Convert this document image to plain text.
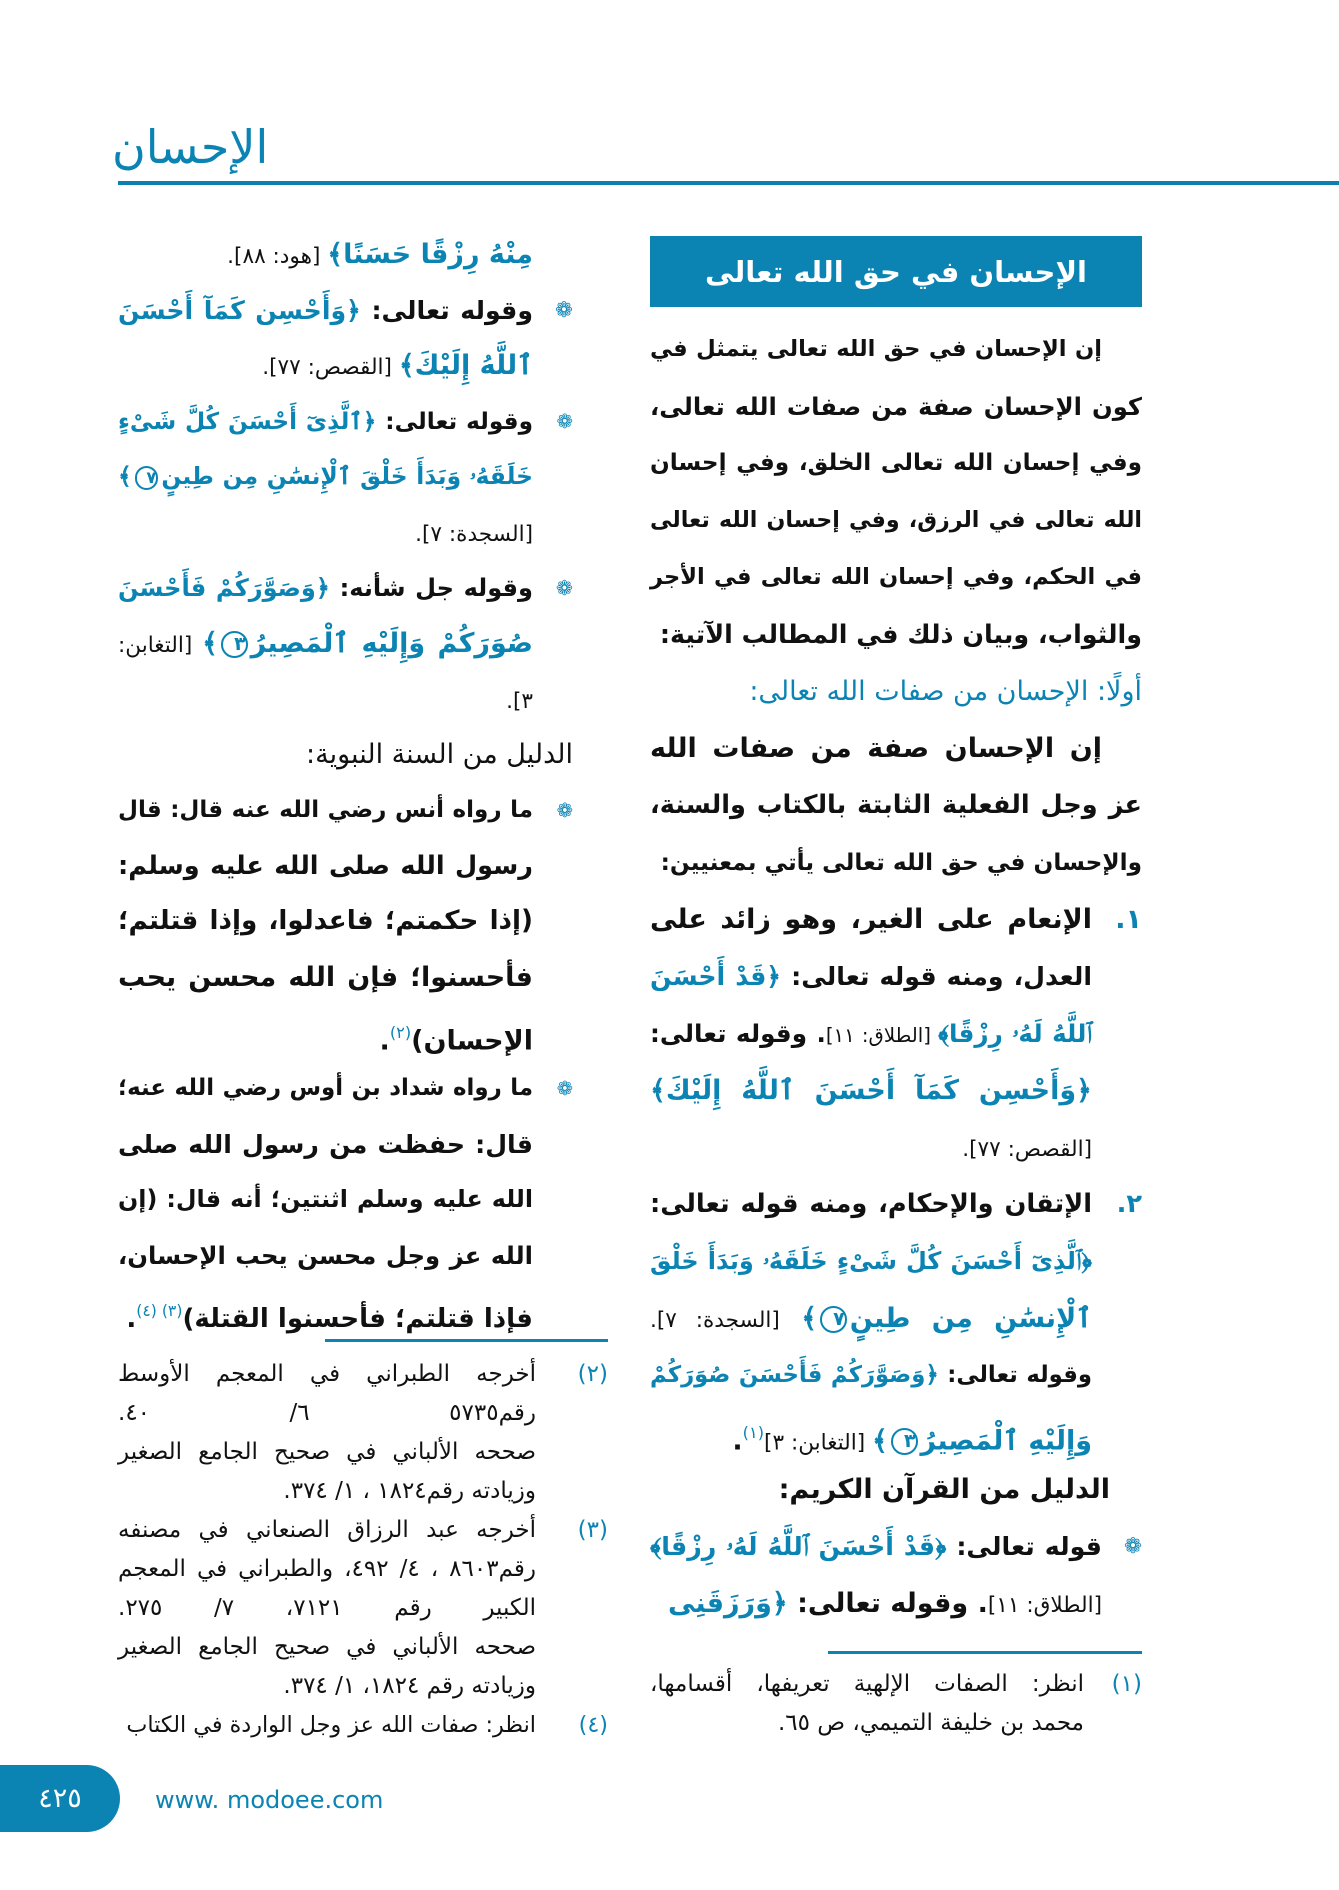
الإحسان
الإحسان في حق الله تعالى
إن الإحسان في حق الله تعالى يتمثل في
كون الإحسان صفة من صفات الله تعالى،
وفي إحسان الله تعالى الخلق، وفي إحسان
الله تعالى في الرزق، وفي إحسان الله تعالى
في الحكم، وفي إحسان الله تعالى في الأجر
والثواب، وبيان ذلك في المطالب الآتية:
أولًا: الإحسان من صفات الله تعالى:
إن الإحسان صفة من صفات الله
عز وجل الفعلية الثابتة بالكتاب والسنة،
والإحسان في حق الله تعالى يأتي بمعنيين:
١.
الإنعام على الغير، وهو زائد على
العدل، ومنه قوله تعالى: ﴿قَدْ أَحْسَنَ
ٱللَّهُ لَهُۥ رِزْقًا﴾ [الطلاق: ١١]. وقوله تعالى:
﴿وَأَحْسِن كَمَآ أَحْسَنَ ٱللَّهُ إِلَيْكَ﴾
[القصص: ٧٧].
٢.
الإتقان والإحكام، ومنه قوله تعالى:
﴿ٱلَّذِىٓ أَحْسَنَ كُلَّ شَىْءٍ خَلَقَهُۥ وَبَدَأَ خَلْقَ
ٱلْإِنسَٰنِ مِن طِينٍ٧﴾ [السجدة: ٧].
وقوله تعالى: ﴿وَصَوَّرَكُمْ فَأَحْسَنَ صُوَرَكُمْ
وَإِلَيْهِ ٱلْمَصِيرُ٣﴾ [التغابن: ٣]$^{(١)}$.
الدليل من القرآن الكريم:
❁
قوله تعالى: ﴿قَدْ أَحْسَنَ ٱللَّهُ لَهُۥ رِزْقًا﴾
[الطلاق: ١١]. وقوله تعالى: ﴿وَرَزَقَنِى
(١)
انظر: الصفات الإلهية تعريفها، أقسامها،
محمد بن خليفة التميمي، ص ٦٥.
مِنْهُ رِزْقًا حَسَنًا﴾ [هود: ٨٨].
❁
وقوله تعالى: ﴿وَأَحْسِن كَمَآ أَحْسَنَ
ٱللَّهُ إِلَيْكَ﴾ [القصص: ٧٧].
❁
وقوله تعالى: ﴿ٱلَّذِىٓ أَحْسَنَ كُلَّ شَىْءٍ
خَلَقَهُۥ وَبَدَأَ خَلْقَ ٱلْإِنسَٰنِ مِن طِينٍ٧﴾
[السجدة: ٧].
❁
وقوله جل شأنه: ﴿وَصَوَّرَكُمْ فَأَحْسَنَ
صُوَرَكُمْ وَإِلَيْهِ ٱلْمَصِيرُ٣﴾ [التغابن:
٣].
الدليل من السنة النبوية:
❁
ما رواه أنس رضي الله عنه قال: قال
رسول الله صلى الله عليه وسلم:
(إذا حكمتم؛ فاعدلوا، وإذا قتلتم؛
فأحسنوا؛ فإن الله محسن يحب
الإحسان)$^{(٢)}$.
❁
ما رواه شداد بن أوس رضي الله عنه؛
قال: حفظت من رسول الله صلى
الله عليه وسلم اثنتين؛ أنه قال: (إن
الله عز وجل محسن يحب الإحسان،
فإذا قتلتم؛ فأحسنوا القتلة)$^{(٣)}$ $^{(٤)}$.
(٢)
أخرجه الطبراني في المعجم الأوسط
رقم٥٧٣٥ ٦/ ٤٠.
صححه الألباني في صحيح الجامع الصغير
وزيادته رقم١٨٢٤ ، ١/ ٣٧٤.
(٣)
أخرجه عبد الرزاق الصنعاني في مصنفه
رقم٨٦٠٣ ، ٤/ ٤٩٢، والطبراني في المعجم
الكبير رقم ٧١٢١، ٧/ ٢٧٥.
صححه الألباني في صحيح الجامع الصغير
وزيادته رقم ١٨٢٤، ١/ ٣٧٤.
(٤)
انظر: صفات الله عز وجل الواردة في الكتاب
٤٢٥	www. modoee.com
